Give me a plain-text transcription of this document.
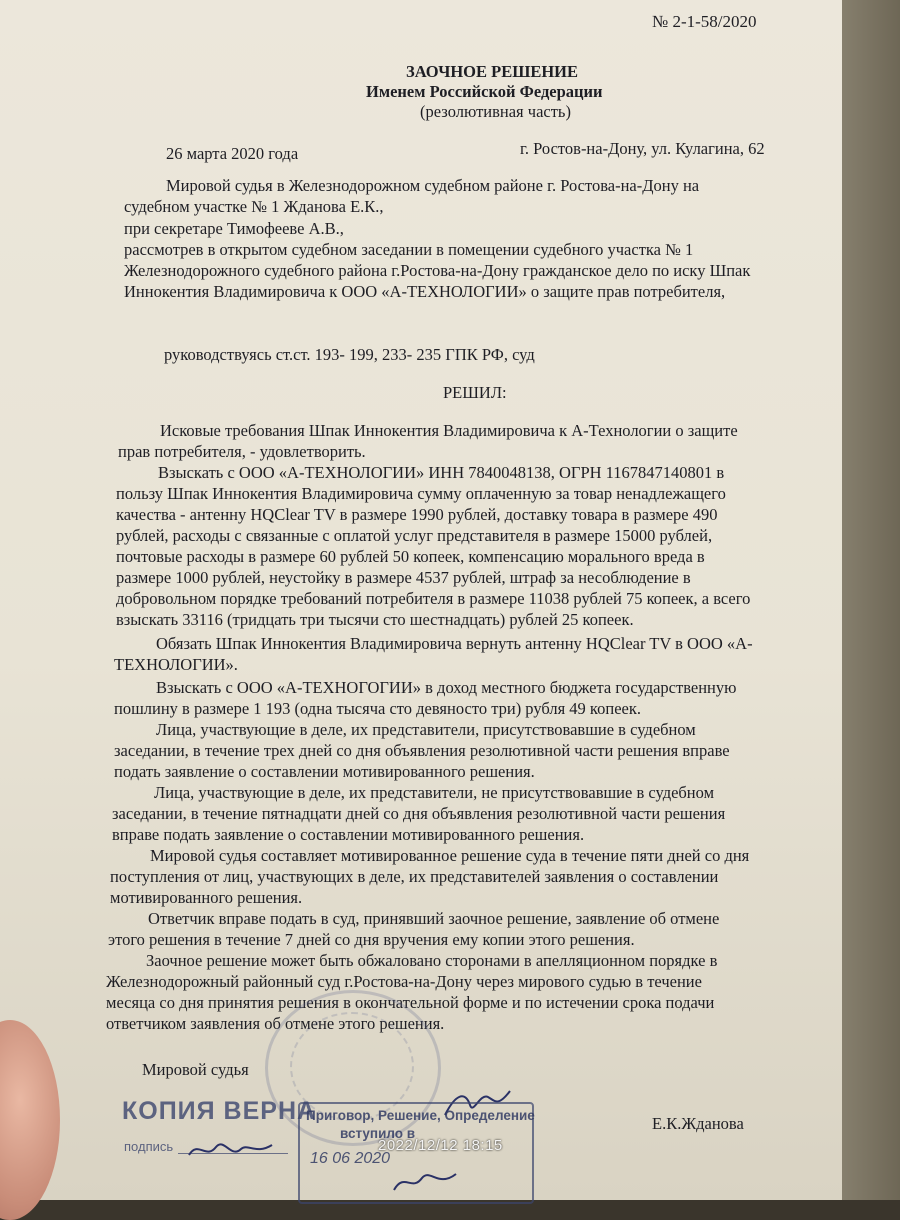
№ 2-1-58/2020
ЗАОЧНОЕ РЕШЕНИЕ
Именем Российской Федерации
(резолютивная часть)
26 марта 2020 года	г. Ростов-на-Дону, ул. Кулагина, 62
Мировой судья в Железнодорожном судебном районе г. Ростова-на-Дону на
судебном участке № 1 Жданова Е.К.,
при секретаре Тимофееве А.В.,
рассмотрев в открытом судебном заседании в помещении судебного участка № 1
Железнодорожного судебного района г.Ростова-на-Дону гражданское дело по иску Шпак
Иннокентия Владимировича к ООО «А-ТЕХНОЛОГИИ» о защите прав потребителя,
руководствуясь ст.ст. 193- 199, 233- 235 ГПК РФ, суд
РЕШИЛ:
Исковые требования Шпак Иннокентия Владимировича к А-Технологии о защите
прав потребителя, - удовлетворить.
Взыскать с ООО «А-ТЕХНОЛОГИИ» ИНН 7840048138, ОГРН 1167847140801 в
пользу Шпак Иннокентия Владимировича сумму оплаченную за товар ненадлежащего
качества - антенну HQClear TV в размере 1990 рублей, доставку товара в размере 490
рублей, расходы с связанные с оплатой услуг представителя в размере 15000 рублей,
почтовые расходы в размере 60 рублей 50 копеек, компенсацию морального вреда в
размере 1000 рублей, неустойку в размере 4537 рублей, штраф за несоблюдение в
добровольном порядке требований потребителя в размере 11038 рублей 75 копеек, а всего
взыскать 33116 (тридцать три тысячи сто шестнадцать) рублей 25 копеек.
Обязать Шпак Иннокентия Владимировича вернуть антенну HQClear TV в ООО «А-
ТЕХНОЛОГИИ».
Взыскать с ООО «А-ТЕХНОГОГИИ» в доход местного бюджета государственную
пошлину в размере 1 193 (одна тысяча сто девяносто три) рубля 49 копеек.
Лица, участвующие в деле, их представители, присутствовавшие в судебном
заседании, в течение трех дней со дня объявления резолютивной части решения вправе
подать заявление о составлении мотивированного решения.
Лица, участвующие в деле, их представители, не присутствовавшие в судебном
заседании, в течение пятнадцати дней со дня объявления резолютивной части решения
вправе подать заявление о составлении мотивированного решения.
Мировой судья составляет мотивированное решение суда в течение пяти дней со дня
поступления от лиц, участвующих в деле, их представителей заявления о составлении
мотивированного решения.
Ответчик вправе подать в суд, принявший заочное решение, заявление об отмене
этого решения в течение 7 дней со дня вручения ему копии этого решения.
Заочное решение может быть обжаловано сторонами в апелляционном порядке в
Железнодорожный районный суд г.Ростова-на-Дону через мирового судью в течение
месяца со дня принятия решения в окончательной форме и по истечении срока подачи
ответчиком заявления об отмене этого решения.
Мировой судья
Е.К.Жданова
КОПИЯ ВЕРНА
подпись
Приговор, Решение, Определение
вступило в
16 06 2020
2022/12/12 18:15
